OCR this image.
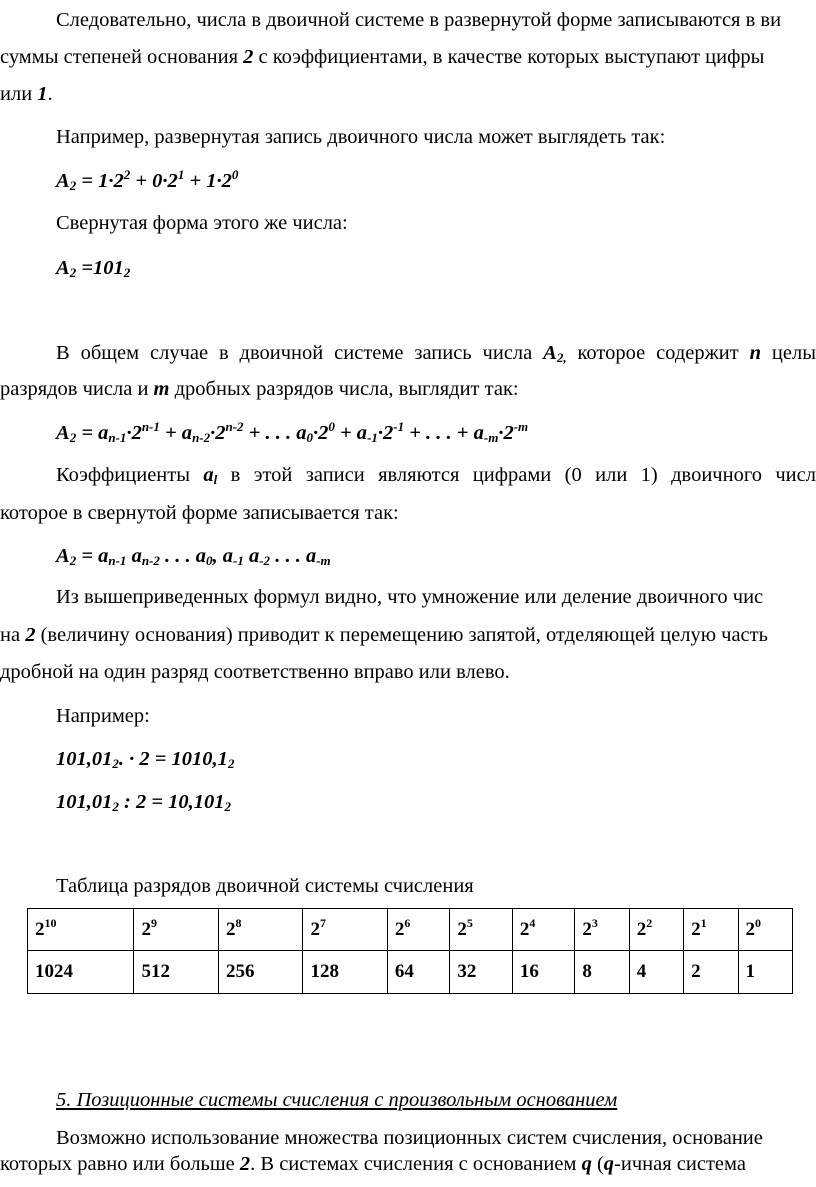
Следовательно, числа в двоичной системе в развернутой форме записываются в ви
суммы степеней основания 2 с коэффициентами, в качестве которых выступают цифры
или 1.
Например, развернутая запись двоичного числа может выглядеть так:
$A_2 = 1\cdot 2^2 + 0\cdot 2^1 + 1\cdot 2^0$
Свернутая форма этого же числа:
$A_2 =101_2$
В общем случае в двоичной системе запись числа $A_{2,}$ которое содержит n целы
разрядов числа и m дробных разрядов числа, выглядит так:
$A_2 = a_{n-1}\cdot 2^{n-1} + a_{n-2}\cdot 2^{n-2}$ + . . . $a_0\cdot 2^0 + a_{-1}\cdot 2^{-1}$ + . . . + $a_{-m}\cdot 2^{-m}$
Коэффициенты $a_l$ в этой записи являются цифрами (0 или 1) двоичного числ
которое в свернутой форме записывается так:
$A_2 = a_{n-1}$ $a_{n-2}$ . . . $a_0$, $a_{-1}$ $a_{-2}$ . . . $a_{-m}$
Из вышеприведенных формул видно, что умножение или деление двоичного чис
на 2 (величину основания) приводит к перемещению запятой, отделяющей целую часть
дробной на один разряд соответственно вправо или влево.
Например:
$101,01_2$. · $2 = 1010,1_2$
$101,01_2$ : $2 = 10,101_2$
Таблица разрядов двоичной системы счисления
$2^{10}$	$2^9$	$2^8$	$2^7$	$2^6$	$2^5$	$2^4$	$2^3$	$2^2$	$2^1$	$2^0$
1024	512	256	128	64	32	16	8	4	2	1
5. Позиционные системы счисления с произвольным основанием
Возможно использование множества позиционных систем счисления, основание
которых равно или больше 2. В системах счисления с основанием q (q-ичная система
